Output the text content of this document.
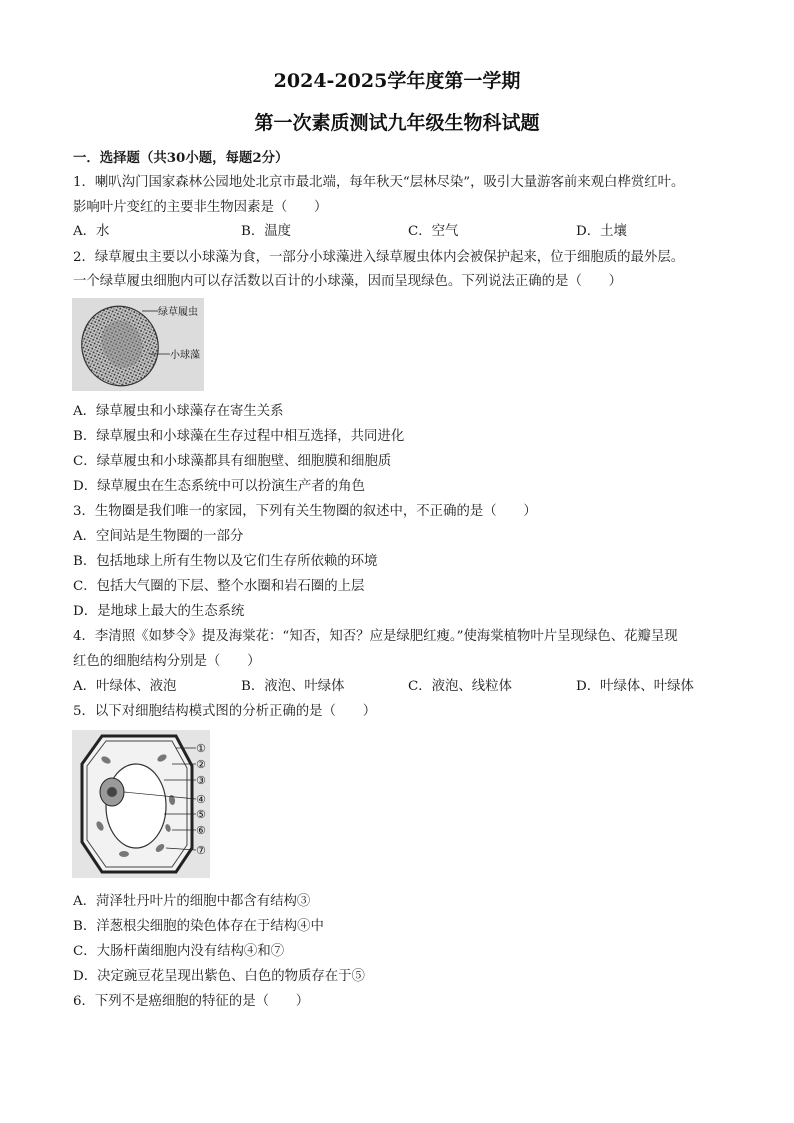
2024-2025学年度第一学期
第一次素质测试九年级生物科试题
一．选择题（共30小题，每题2分）
1．喇叭沟门国家森林公园地处北京市最北端，每年秋天“层林尽染”，吸引大量游客前来观白桦赏红叶。
影响叶片变红的主要非生物因素是（　　）
A．水	B．温度	C．空气	D．土壤
2．绿草履虫主要以小球藻为食，一部分小球藻进入绿草履虫体内会被保护起来，位于细胞质的最外层。
一个绿草履虫细胞内可以存活数以百计的小球藻，因而呈现绿色。下列说法正确的是（　　）
绿草履虫
小球藻
A．绿草履虫和小球藻存在寄生关系
B．绿草履虫和小球藻在生存过程中相互选择，共同进化
C．绿草履虫和小球藻都具有细胞壁、细胞膜和细胞质
D．绿草履虫在生态系统中可以扮演生产者的角色
3．生物圈是我们唯一的家园，下列有关生物圈的叙述中，不正确的是（　　）
A．空间站是生物圈的一部分
B．包括地球上所有生物以及它们生存所依赖的环境
C．包括大气圈的下层、整个水圈和岩石圈的上层
D．是地球上最大的生态系统
4．李清照《如梦令》提及海棠花：“知否，知否？应是绿肥红瘦。”使海棠植物叶片呈现绿色、花瓣呈现
红色的细胞结构分别是（　　）
A．叶绿体、液泡	B．液泡、叶绿体	C．液泡、线粒体	D．叶绿体、叶绿体
5．以下对细胞结构模式图的分析正确的是（　　）
①
②
③
④
⑤
⑥
⑦
A．菏泽牡丹叶片的细胞中都含有结构③
B．洋葱根尖细胞的染色体存在于结构④中
C．大肠杆菌细胞内没有结构④和⑦
D．决定豌豆花呈现出紫色、白色的物质存在于⑤
6．下列不是癌细胞的特征的是（　　）
